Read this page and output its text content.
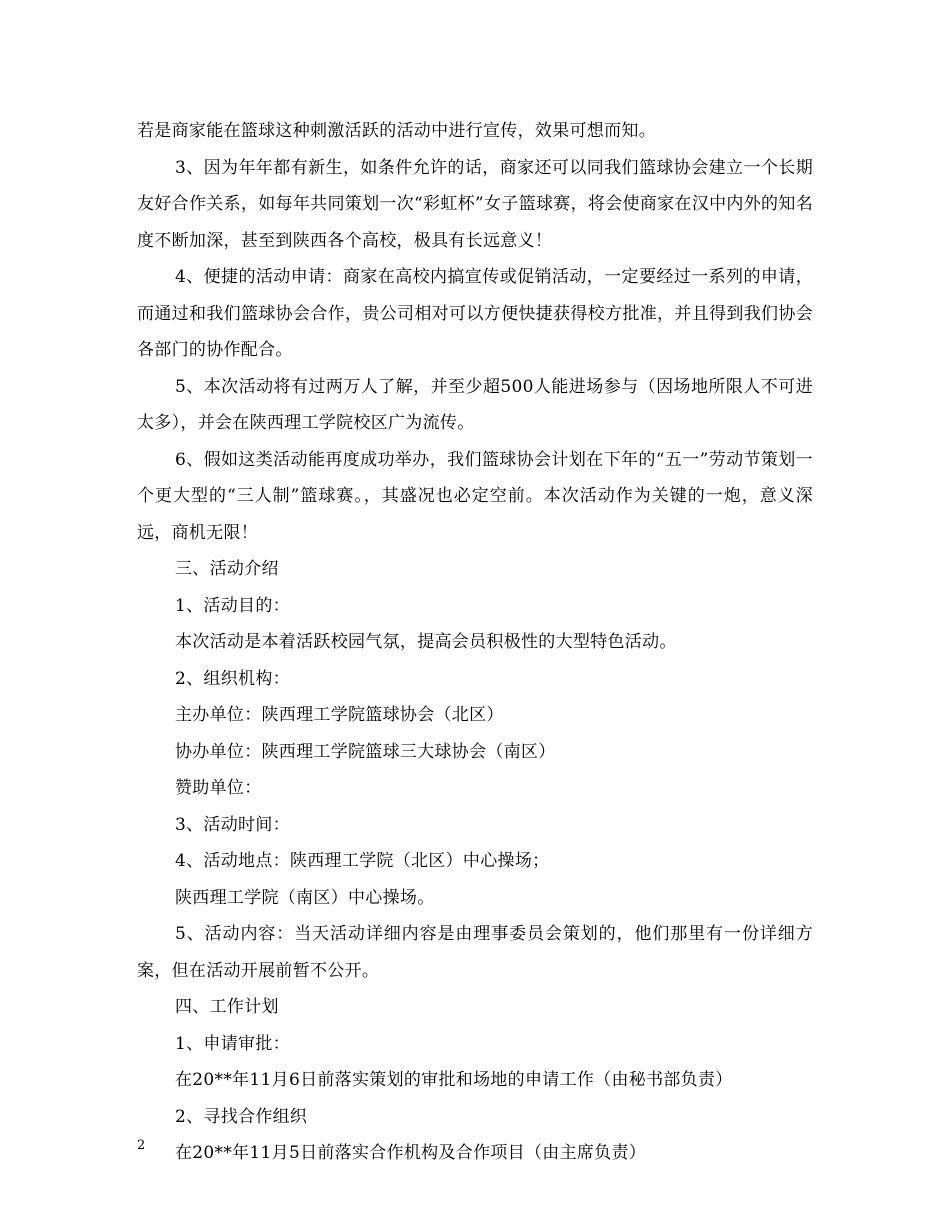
若是商家能在篮球这种刺激活跃的活动中进行宣传，效果可想而知。

3、因为年年都有新生，如条件允许的话，商家还可以同我们篮球协会建立一个长期友好合作关系，如每年共同策划一次“彩虹杯”女子篮球赛，将会使商家在汉中内外的知名度不断加深，甚至到陕西各个高校，极具有长远意义！

4、便捷的活动申请：商家在高校内搞宣传或促销活动，一定要经过一系列的申请，而通过和我们篮球协会合作，贵公司相对可以方便快捷获得校方批准，并且得到我们协会各部门的协作配合。

5、本次活动将有过两万人了解，并至少超500人能进场参与（因场地所限人不可进太多），并会在陕西理工学院校区广为流传。

6、假如这类活动能再度成功举办，我们篮球协会计划在下年的“五一”劳动节策划一个更大型的“三人制”篮球赛。，其盛况也必定空前。本次活动作为关键的一炮，意义深远，商机无限！

三、活动介绍

1、活动目的：

本次活动是本着活跃校园气氛，提高会员积极性的大型特色活动。

2、组织机构：

主办单位：陕西理工学院篮球协会（北区）

协办单位：陕西理工学院篮球三大球协会（南区）

赞助单位：

3、活动时间：

4、活动地点：陕西理工学院（北区）中心操场；

陕西理工学院（南区）中心操场。

5、活动内容：当天活动详细内容是由理事委员会策划的，他们那里有一份详细方案，但在活动开展前暂不公开。

四、工作计划

1、申请审批：

在20**年11月6日前落实策划的审批和场地的申请工作（由秘书部负责）

2、寻找合作组织

在20**年11月5日前落实合作机构及合作项目（由主席负责）

2
